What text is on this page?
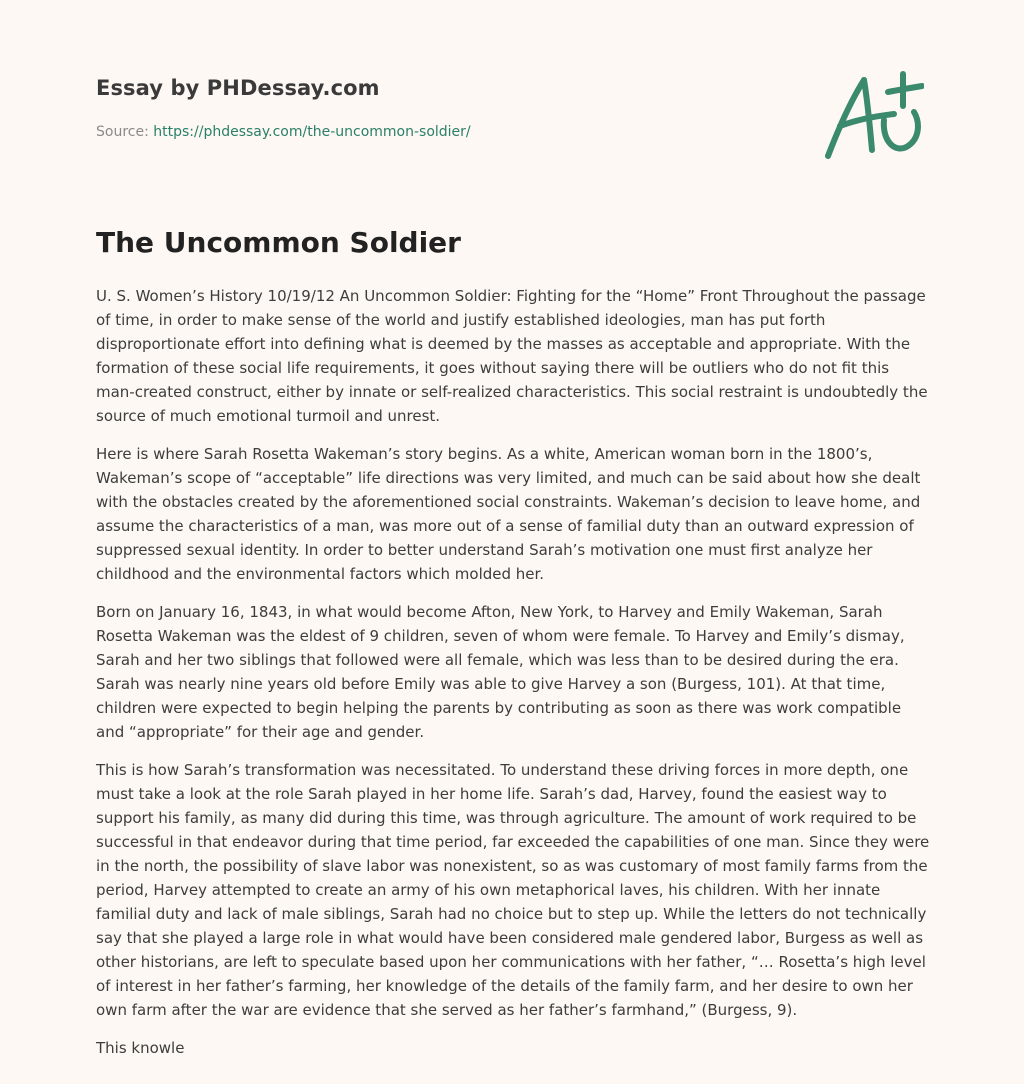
Essay by PHDessay.com
Source: https://phdessay.com/the-uncommon-soldier/
The Uncommon Soldier

U. S. Women’s History 10/19/12 An Uncommon Soldier: Fighting for the “Home” Front Throughout the passage of time, in order to make sense of the world and justify established ideologies, man has put forth disproportionate effort into defining what is deemed by the masses as acceptable and appropriate. With the formation of these social life requirements, it goes without saying there will be outliers who do not fit this man-created construct, either by innate or self-realized characteristics. This social restraint is undoubtedly the source of much emotional turmoil and unrest.

Here is where Sarah Rosetta Wakeman’s story begins. As a white, American woman born in the 1800’s, Wakeman’s scope of “acceptable” life directions was very limited, and much can be said about how she dealt with the obstacles created by the aforementioned social constraints. Wakeman’s decision to leave home, and assume the characteristics of a man, was more out of a sense of familial duty than an outward expression of suppressed sexual identity. In order to better understand Sarah’s motivation one must first analyze her childhood and the environmental factors which molded her.

Born on January 16, 1843, in what would become Afton, New York, to Harvey and Emily Wakeman, Sarah Rosetta Wakeman was the eldest of 9 children, seven of whom were female. To Harvey and Emily’s dismay, Sarah and her two siblings that followed were all female, which was less than to be desired during the era. Sarah was nearly nine years old before Emily was able to give Harvey a son (Burgess, 101). At that time, children were expected to begin helping the parents by contributing as soon as there was work compatible and “appropriate” for their age and gender.

This is how Sarah’s transformation was necessitated. To understand these driving forces in more depth, one must take a look at the role Sarah played in her home life. Sarah’s dad, Harvey, found the easiest way to support his family, as many did during this time, was through agriculture. The amount of work required to be successful in that endeavor during that time period, far exceeded the capabilities of one man. Since they were in the north, the possibility of slave labor was nonexistent, so as was customary of most family farms from the period, Harvey attempted to create an army of his own metaphorical laves, his children. With her innate familial duty and lack of male siblings, Sarah had no choice but to step up. While the letters do not technically say that she played a large role in what would have been considered male gendered labor, Burgess as well as other historians, are left to speculate based upon her communications with her father, “… Rosetta’s high level of interest in her father’s farming, her knowledge of the details of the family farm, and her desire to own her own farm after the war are evidence that she served as her father’s farmhand,” (Burgess, 9).

This knowle
